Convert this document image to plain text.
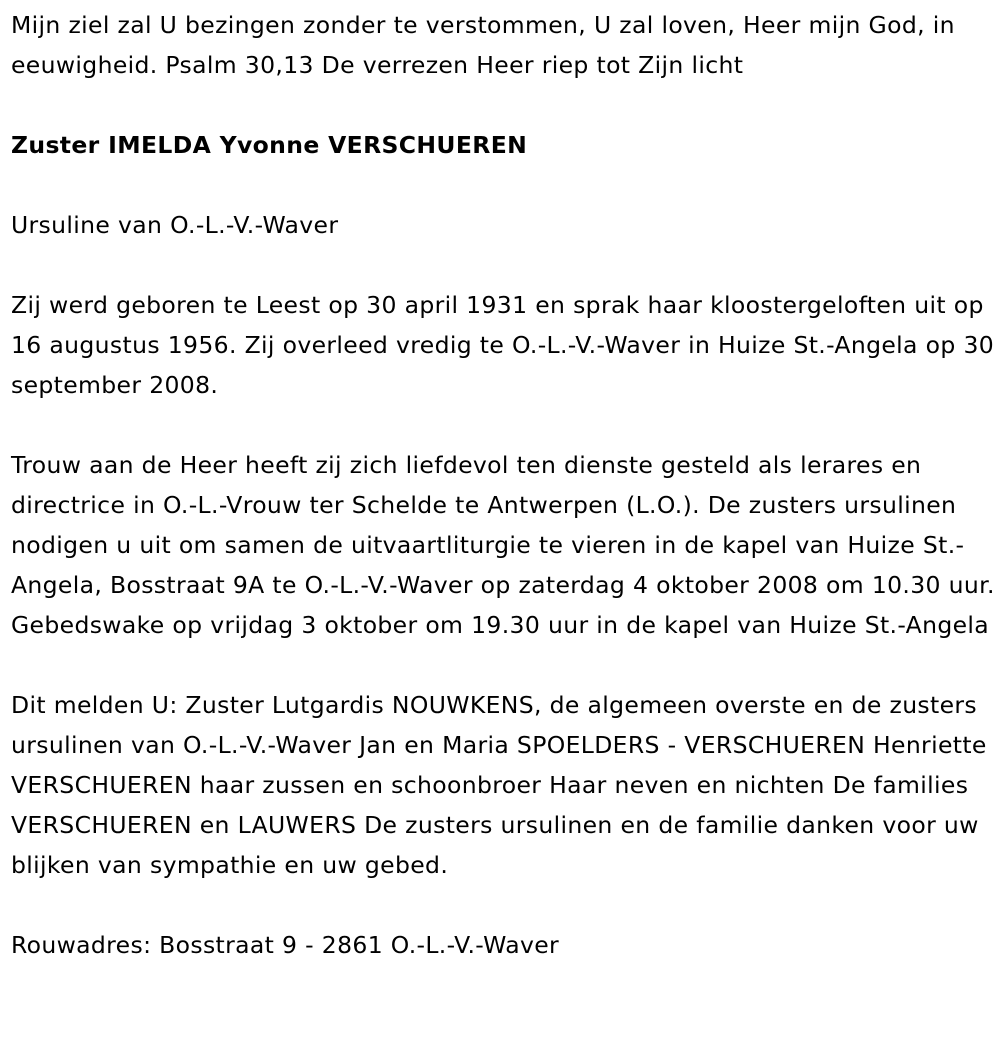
Mijn ziel zal U bezingen zonder te verstommen, U zal loven, Heer mijn God, in eeuwigheid. Psalm 30,13 De verrezen Heer riep tot Zijn licht

Zuster IMELDA Yvonne VERSCHUEREN

Ursuline van O.-L.-V.-Waver

Zij werd geboren te Leest op 30 april 1931 en sprak haar kloostergeloften uit op 16 augustus 1956. Zij overleed vredig te O.-L.-V.-Waver in Huize St.-Angela op 30 september 2008.

Trouw aan de Heer heeft zij zich liefdevol ten dienste gesteld als lerares en directrice in O.-L.-Vrouw ter Schelde te Antwerpen (L.O.). De zusters ursulinen nodigen u uit om samen de uitvaartliturgie te vieren in de kapel van Huize St.-Angela, Bosstraat 9A te O.-L.-V.-Waver op zaterdag 4 oktober 2008 om 10.30 uur. Gebedswake op vrijdag 3 oktober om 19.30 uur in de kapel van Huize St.-Angela

Dit melden U: Zuster Lutgardis NOUWKENS, de algemeen overste en de zusters ursulinen van O.-L.-V.-Waver Jan en Maria SPOELDERS - VERSCHUEREN Henriette VERSCHUEREN haar zussen en schoonbroer Haar neven en nichten De families VERSCHUEREN en LAUWERS De zusters ursulinen en de familie danken voor uw blijken van sympathie en uw gebed.

Rouwadres: Bosstraat 9 - 2861 O.-L.-V.-Waver
